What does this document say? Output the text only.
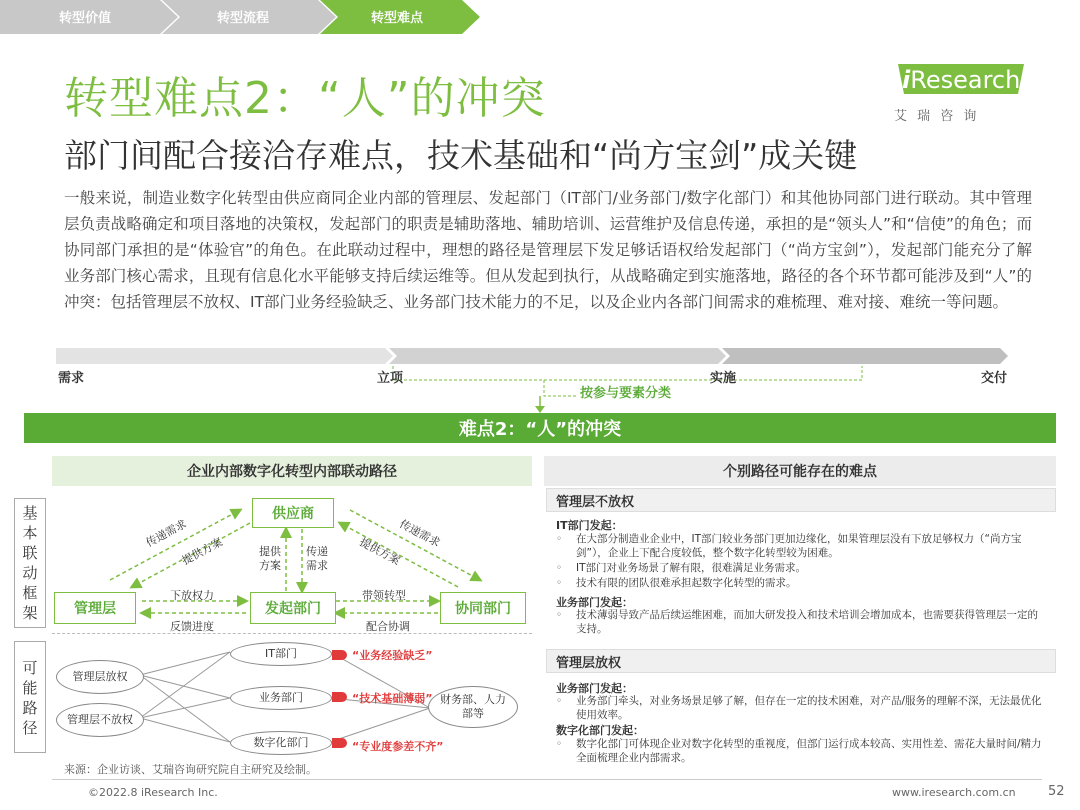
转型价值	转型流程	转型难点
iResearch
艾 瑞 咨 询
转型难点2：“人”的冲突
部门间配合接洽存难点，技术基础和“尚方宝剑”成关键
一般来说，制造业数字化转型由供应商同企业内部的管理层、发起部门（IT部门/业务部门/数字化部门）和其他协同部门进行联动。其中管理层负责战略确定和项目落地的决策权，发起部门的职责是辅助落地、辅助培训、运营维护及信息传递，承担的是“领头人”和“信使”的角色；而协同部门承担的是“体验官”的角色。在此联动过程中，理想的路径是管理层下发足够话语权给发起部门（“尚方宝剑”），发起部门能充分了解业务部门核心需求，且现有信息化水平能够支持后续运维等。但从发起到执行，从战略确定到实施落地，路径的各个环节都可能涉及到“人”的冲突：包括管理层不放权、IT部门业务经验缺乏、业务部门技术能力的不足，以及企业内各部门间需求的难梳理、难对接、难统一等问题。
需求	立项	实施	交付
按参与要素分类
难点2：“人”的冲突
企业内部数字化转型内部联动路径
基本联动框架
可能路径
供应商
管理层	发起部门	协同部门
传递需求
提供方案
传递需求
提供方案
提供方案
传递需求
下放权力
反馈进度
带领转型
配合协调
管理层放权
管理层不放权
IT部门
业务部门
数字化部门
财务部、人力部等
“业务经验缺乏”
“技术基础薄弱”
“专业度参差不齐”
个别路径可能存在的难点
管理层不放权
IT部门发起：
◦ 在大部分制造业企业中，IT部门较业务部门更加边缘化，如果管理层没有下放足够权力（“尚方宝剑”），企业上下配合度较低，整个数字化转型较为困难。
◦ IT部门对业务场景了解有限，很难满足业务需求。
◦ 技术有限的团队很难承担起数字化转型的需求。
业务部门发起：
◦ 技术薄弱导致产品后续运维困难，而加大研发投入和技术培训会增加成本，也需要获得管理层一定的支持。
管理层放权
业务部门发起：
◦ 业务部门牵头，对业务场景足够了解，但存在一定的技术困难，对产品/服务的理解不深，无法最优化使用效率。
数字化部门发起：
◦ 数字化部门可体现企业对数字化转型的重视度，但部门运行成本较高、实用性差、需花大量时间/精力全面梳理企业内部需求。
来源：企业访谈、艾瑞咨询研究院自主研究及绘制。
©2022.8 iResearch Inc.	www.iresearch.com.cn 52
